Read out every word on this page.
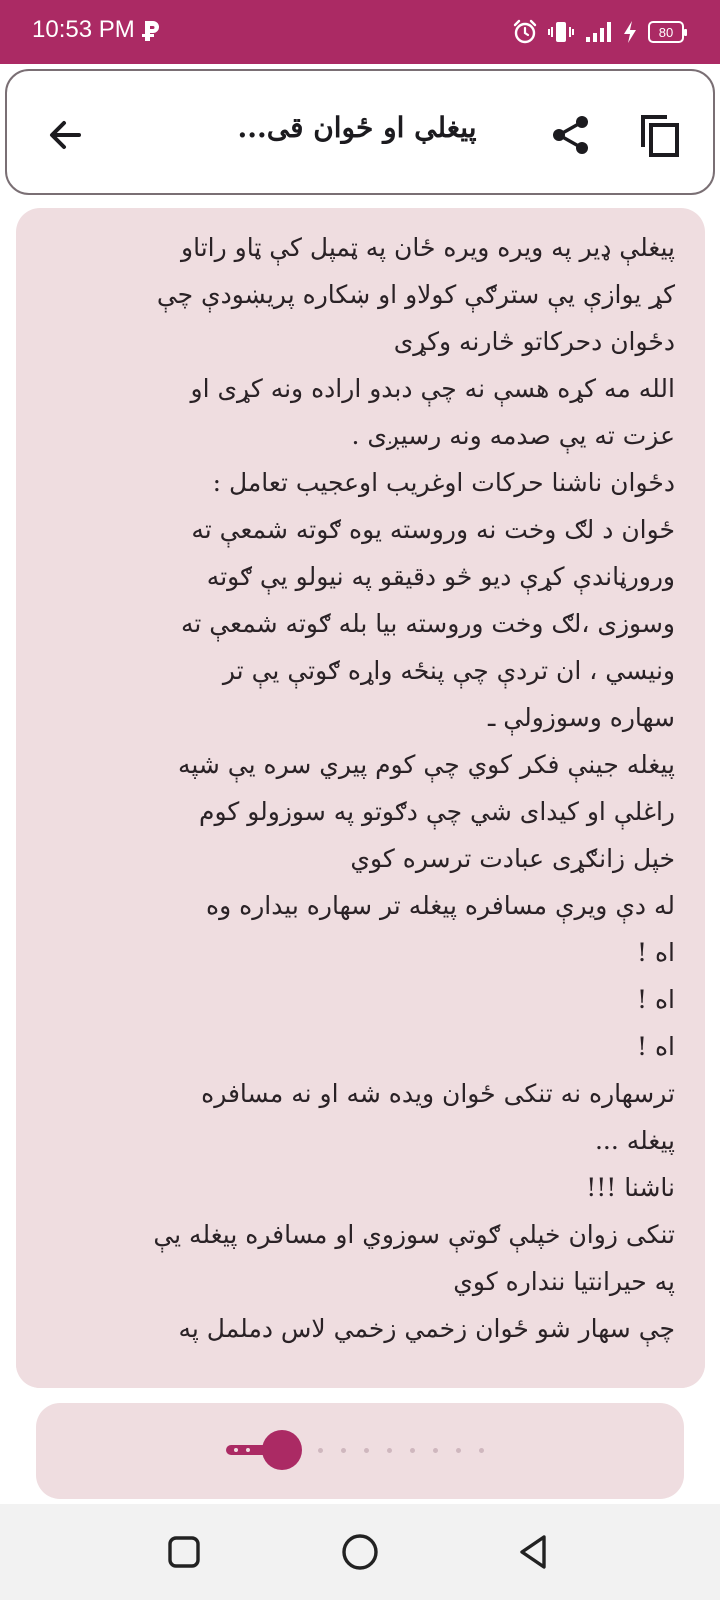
10:53 PM	80
پیغلې او ځوان قی...
پیغلې ډیر په ویره ویره ځان په ټمپل کې ټاو راتاو
کړ یوازې یې سترګې کولاو او ښکاره پریښودې چې
دځوان دحرکاتو څارنه وکړی
الله مه کړه هسې نه چې دبدو اراده ونه کړی او
عزت ته یې صدمه ونه رسیږی .
دځوان ناشنا حرکات اوغریب اوعجیب تعامل :
ځوان د لګ وخت نه وروسته یوه ګوته شمعې ته
ورورڼاندې کړې دیو څو دقیقو په نیولو یې ګوته
وسوزی ،لګ وخت وروسته بیا بله ګوته شمعې ته
ونیسي ، ان تردې چې پنځه واړه ګوتې یې تر
سهاره وسوزولې ـ
پیغله جینې فکر کوي چې کوم پیري سره یې شپه
راغلې او کیدای شي چې دګوتو په سوزولو کوم
خپل زانګړی عبادت ترسره کوي
له دې ویرې مسافره پیغله تر سهاره بیداره وه
اه !
اه !
اه !
ترسهاره نه تنکی ځوان ویده شه او نه مسافره
پیغله ...
ناشنا !!!
تنکی زوان خپلې ګوتې سوزوي او مسافره پیغله یې
په حیرانتیا ننداره کوي
چې سهار شو ځوان زخمي زخمي لاس دململ په
